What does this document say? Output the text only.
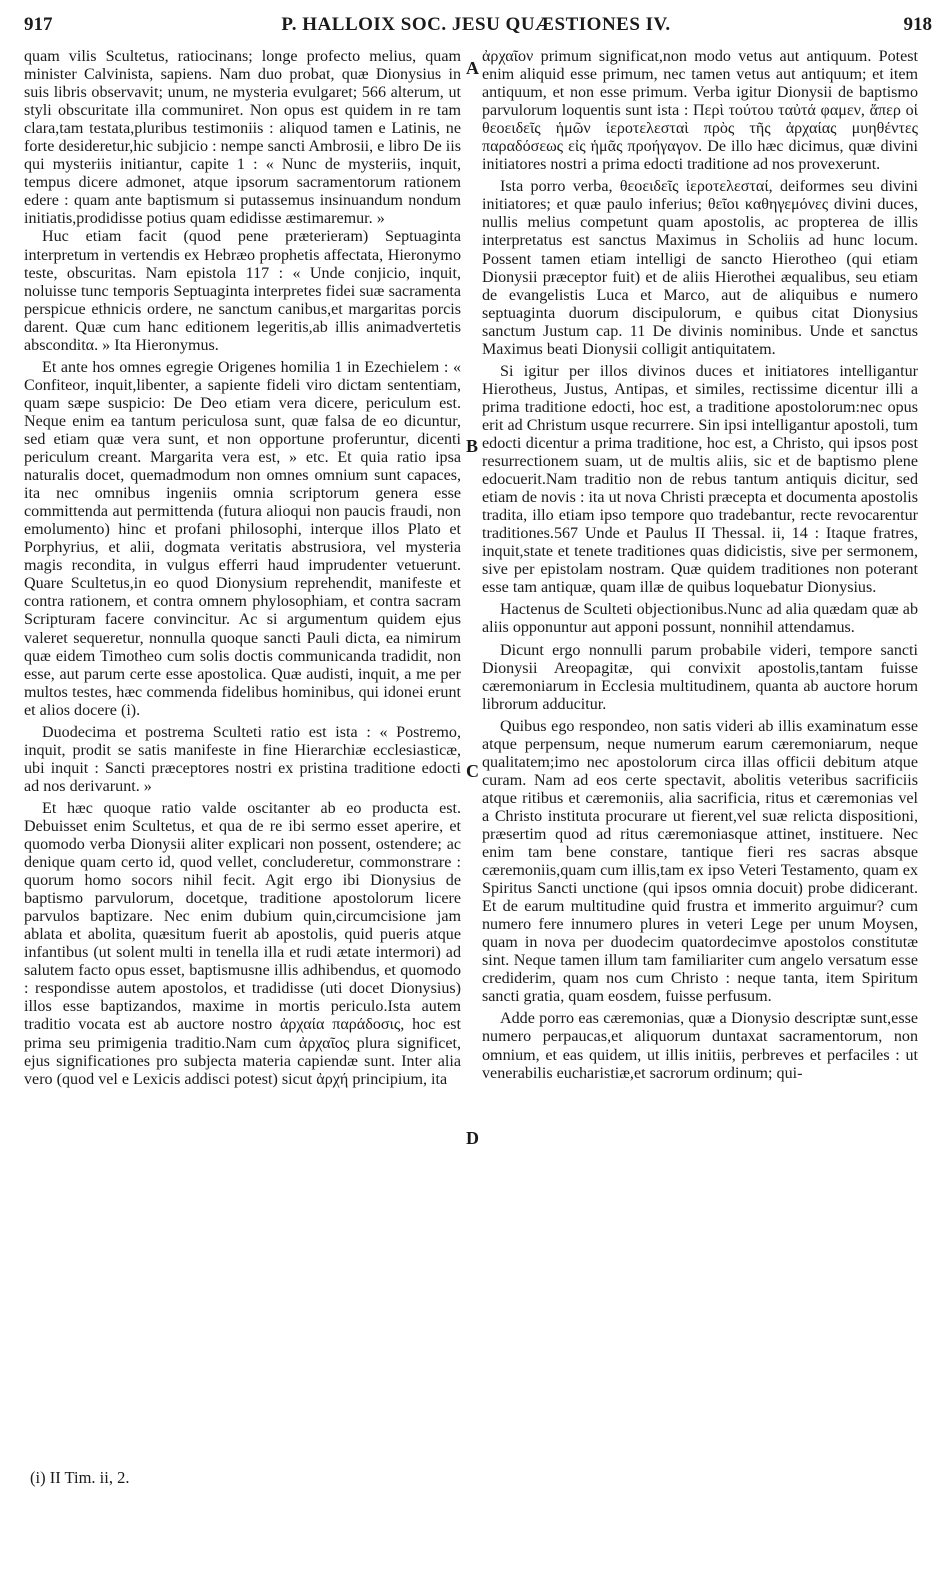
917	P. HALLOIX SOC. JESU QUÆSTIONES IV.	918
A
B
C
D

quam vilis Scultetus, ratiocinans; longe profecto melius, quam minister Calvinista, sapiens. Nam duo probat, quæ Dionysius in suis libris observavit; unum, ne mysteria evulgaret; 566 alterum, ut styli obscuritate illa communiret. Non opus est quidem in re tam clara,tam testata,pluribus testimoniis : aliquod tamen e Latinis, ne forte desideretur,hic subjicio : nempe sancti Ambrosii, e libro De iis qui mysteriis initiantur, capite 1 : « Nunc de mysteriis, inquit, tempus dicere admonet, atque ipsorum sacramentorum rationem edere : quam ante baptismum si putassemus insinuandum nondum initiatis,prodidisse potius quam edidisse æstimaremur. »

Huc etiam facit (quod pene præterieram) Septuaginta interpretum in vertendis ex Hebræo prophetis affectata, Hieronymo teste, obscuritas. Nam epistola 117 : « Unde conjicio, inquit, noluisse tunc temporis Septuaginta interpretes fidei suæ sacramenta perspicue ethnicis ordere, ne sanctum canibus,et margaritas porcis darent. Quæ cum hanc editionem legeritis,ab illis animadvertetis absconditα. » Ita Hieronymus.

Et ante hos omnes egregie Origenes homilia 1 in Ezechielem : « Confiteor, inquit,libenter, a sapiente fideli viro dictam sententiam, quam sæpe suspicio: De Deo etiam vera dicere, periculum est. Neque enim ea tantum periculosa sunt, quæ falsa de eo dicuntur, sed etiam quæ vera sunt, et non opportune proferuntur, dicenti periculum creant. Margarita vera est, » etc. Et quia ratio ipsa naturalis docet, quemadmodum non omnes omnium sunt capaces, ita nec omnibus ingeniis omnia scriptorum genera esse committenda aut permittenda (futura alioqui non paucis fraudi, non emolumento) hinc et profani philosophi, interque illos Plato et Porphyrius, et alii, dogmata veritatis abstrusiora, vel mysteria magis recondita, in vulgus efferri haud imprudenter vetuerunt. Quare Scultetus,in eo quod Dionysium reprehendit, manifeste et contra rationem, et contra omnem phylosophiam, et contra sacram Scripturam facere convincitur. Ac si argumentum quidem ejus valeret sequeretur, nonnulla quoque sancti Pauli dicta, ea nimirum quæ eidem Timotheo cum solis doctis communicanda tradidit, non esse, aut parum certe esse apostolica. Quæ audisti, inquit, a me per multos testes, hæc commenda fidelibus hominibus, qui idonei erunt et alios docere (i).

Duodecima et postrema Sculteti ratio est ista : « Postremo, inquit, prodit se satis manifeste in fine Hierarchiæ ecclesiasticæ, ubi inquit : Sancti præceptores nostri ex pristina traditione edocti ad nos derivarunt. »

Et hæc quoque ratio valde oscitanter ab eo producta est. Debuisset enim Scultetus, et qua de re ibi sermo esset aperire, et quomodo verba Dionysii aliter explicari non possent, ostendere; ac denique quam certo id, quod vellet, concluderetur, commonstrare : quorum homo socors nihil fecit. Agit ergo ibi Dionysius de baptismo parvulorum, docetque, traditione apostolorum licere parvulos baptizare. Nec enim dubium quin,circumcisione jam ablata et abolita, quæsitum fuerit ab apostolis, quid pueris atque infantibus (ut solent multi in tenella illa et rudi ætate intermori) ad salutem facto opus esset, baptismusne illis adhibendus, et quomodo : respondisse autem apostolos, et tradidisse (uti docet Dionysius) illos esse baptizandos, maxime in mortis periculo.Ista autem traditio vocata est ab auctore nostro ἀρχαία παράδοσις, hoc est prima seu primigenia traditio.Nam cum ἀρχαῖος plura significet, ejus significationes pro subjecta materia capiendæ sunt. Inter alia vero (quod vel e Lexicis addisci potest) sicut ἀρχή principium, ita

ἀρχαῖον primum significat,non modo vetus aut antiquum. Potest enim aliquid esse primum, nec tamen vetus aut antiquum; et item antiquum, et non esse primum. Verba igitur Dionysii de baptismo parvulorum loquentis sunt ista : Περὶ τούτου ταὐτά φαμεν, ἅπερ οἱ θεοειδεῖς ἡμῶν ἱεροτελεσταὶ πρὸς τῆς ἀρχαίας μυηθέντες παραδόσεως εἰς ἡμᾶς προήγαγον. De illo hæc dicimus, quæ divini initiatores nostri a prima edocti traditione ad nos provexerunt.

Ista porro verba, θεοειδεῖς ἱεροτελεσταί, deiformes seu divini initiatores; et quæ paulo inferius; θεῖοι καθηγεμόνες divini duces, nullis melius competunt quam apostolis, ac propterea de illis interpretatus est sanctus Maximus in Scholiis ad hunc locum. Possent tamen etiam intelligi de sancto Hierotheo (qui etiam Dionysii præceptor fuit) et de aliis Hierothei æqualibus, seu etiam de evangelistis Luca et Marco, aut de aliquibus e numero septuaginta duorum discipulorum, e quibus citat Dionysius sanctum Justum cap. 11 De divinis nominibus. Unde et sanctus Maximus beati Dionysii colligit antiquitatem.

Si igitur per illos divinos duces et initiatores intelligantur Hierotheus, Justus, Antipas, et similes, rectissime dicentur illi a prima traditione edocti, hoc est, a traditione apostolorum:nec opus erit ad Christum usque recurrere. Sin ipsi intelligantur apostoli, tum edocti dicentur a prima traditione, hoc est, a Christo, qui ipsos post resurrectionem suam, ut de multis aliis, sic et de baptismo plene edocuerit.Nam traditio non de rebus tantum antiquis dicitur, sed etiam de novis : ita ut nova Christi præcepta et documenta apostolis tradita, illo etiam ipso tempore quo tradebantur, recte revocarentur traditiones.567 Unde et Paulus II Thessal. ii, 14 : Itaque fratres, inquit,state et tenete traditiones quas didicistis, sive per sermonem, sive per epistolam nostram. Quæ quidem traditiones non poterant esse tam antiquæ, quam illæ de quibus loquebatur Dionysius.

Hactenus de Sculteti objectionibus.Nunc ad alia quædam quæ ab aliis opponuntur aut apponi possunt, nonnihil attendamus.

Dicunt ergo nonnulli parum probabile videri, tempore sancti Dionysii Areopagitæ, qui convixit apostolis,tantam fuisse cæremoniarum in Ecclesia multitudinem, quanta ab auctore horum librorum adducitur.

Quibus ego respondeo, non satis videri ab illis examinatum esse atque perpensum, neque numerum earum cæremoniarum, neque qualitatem;imo nec apostolorum circa illas officii debitum atque curam. Nam ad eos certe spectavit, abolitis veteribus sacrificiis atque ritibus et cæremoniis, alia sacrificia, ritus et cæremonias vel a Christo instituta procurare ut fierent,vel suæ relicta dispositioni, præsertim quod ad ritus cæremoniasque attinet, instituere. Nec enim tam bene constare, tantique fieri res sacras absque cæremoniis,quam cum illis,tam ex ipso Veteri Testamento, quam ex Spiritus Sancti unctione (qui ipsos omnia docuit) probe didicerant. Et de earum multitudine quid frustra et immerito arguimur? cum numero fere innumero plures in veteri Lege per unum Moysen, quam in nova per duodecim quatordecimve apostolos constitutæ sint. Neque tamen illum tam familiariter cum angelo versatum esse crediderim, quam nos cum Christo : neque tanta, item Spiritum sancti gratia, quam eosdem, fuisse perfusum.

Adde porro eas cæremonias, quæ a Dionysio descriptæ sunt,esse numero perpaucas,et aliquorum duntaxat sacramentorum, non omnium, et eas quidem, ut illis initiis, perbreves et perfaciles : ut venerabilis eucharistiæ,et sacrorum ordinum; qui-

(i) II Tim. ii, 2.
